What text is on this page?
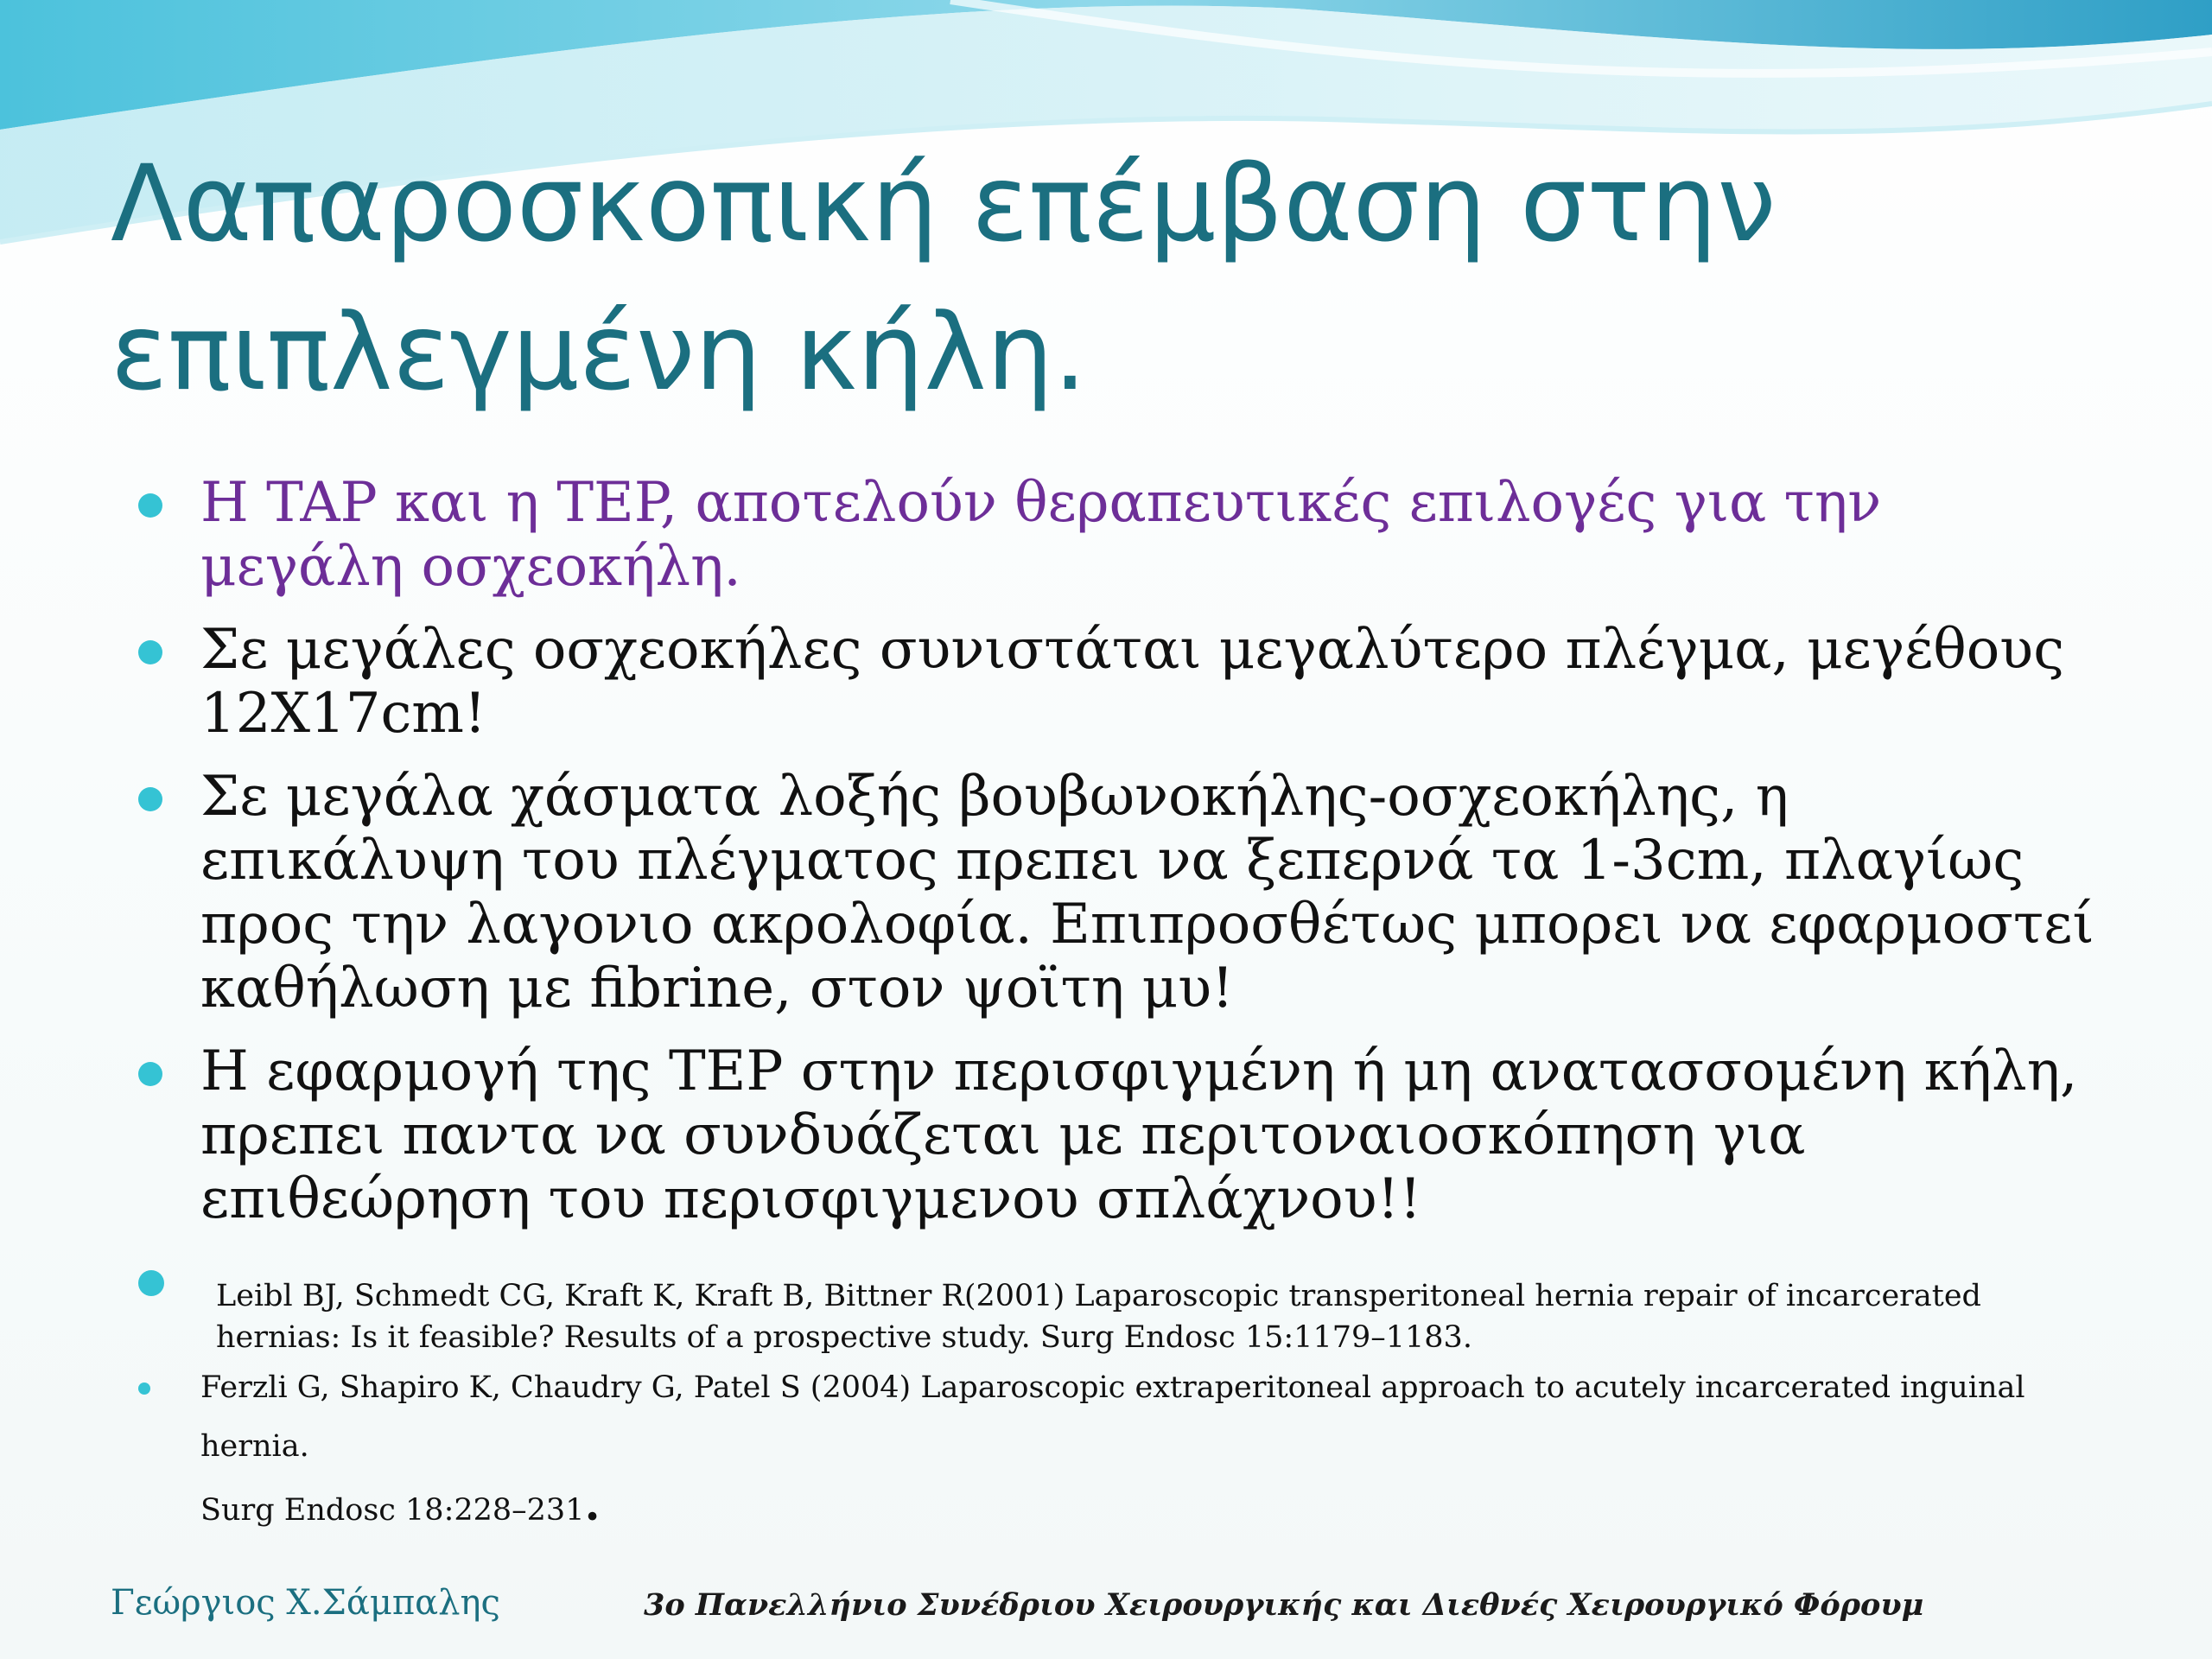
Λαπαροσκοπική επέμβαση στην επιπλεγμένη κήλη.
Η TAP και η TEP, αποτελούν θεραπευτικές επιλογές για την μεγάλη οσχεοκήλη.
Σε μεγάλες οσχεοκήλες συνιστάται μεγαλύτερο πλέγμα, μεγέθους 12X17cm!
Σε μεγάλα χάσματα λοξής βουβωνοκήλης-οσχεοκήλης, η επικάλυψη του πλέγματος πρεπει να ξεπερνά τα 1-3cm, πλαγίως προς την λαγονιο ακρολοφία. Επιπροσθέτως μπορει να εφαρμοστεί καθήλωση με fibrine, στον ψοϊτη μυ!
Η εφαρμογή της TEP στην περισφιγμένη ή μη ανατασσομένη κήλη, πρεπει παντα να συνδυάζεται με περιτοναιοσκόπηση για επιθεώρηση του περισφιγμενου σπλάχνου!!
Leibl BJ, Schmedt CG, Kraft K, Kraft B, Bittner R(2001) Laparoscopic transperitoneal hernia repair of incarcerated hernias: Is it feasible? Results of a prospective study. Surg Endosc 15:1179–1183.
Ferzli G, Shapiro K, Chaudry G, Patel S (2004) Laparoscopic extraperitoneal approach to acutely incarcerated inguinal hernia.
Surg Endosc 18:228–231.
Γεώργιος Χ.Σάμπαλης	3ο Πανελλήνιο Συνέδριου Χειρουργικής και Διεθνές Χειρουργικό Φόρουμ
